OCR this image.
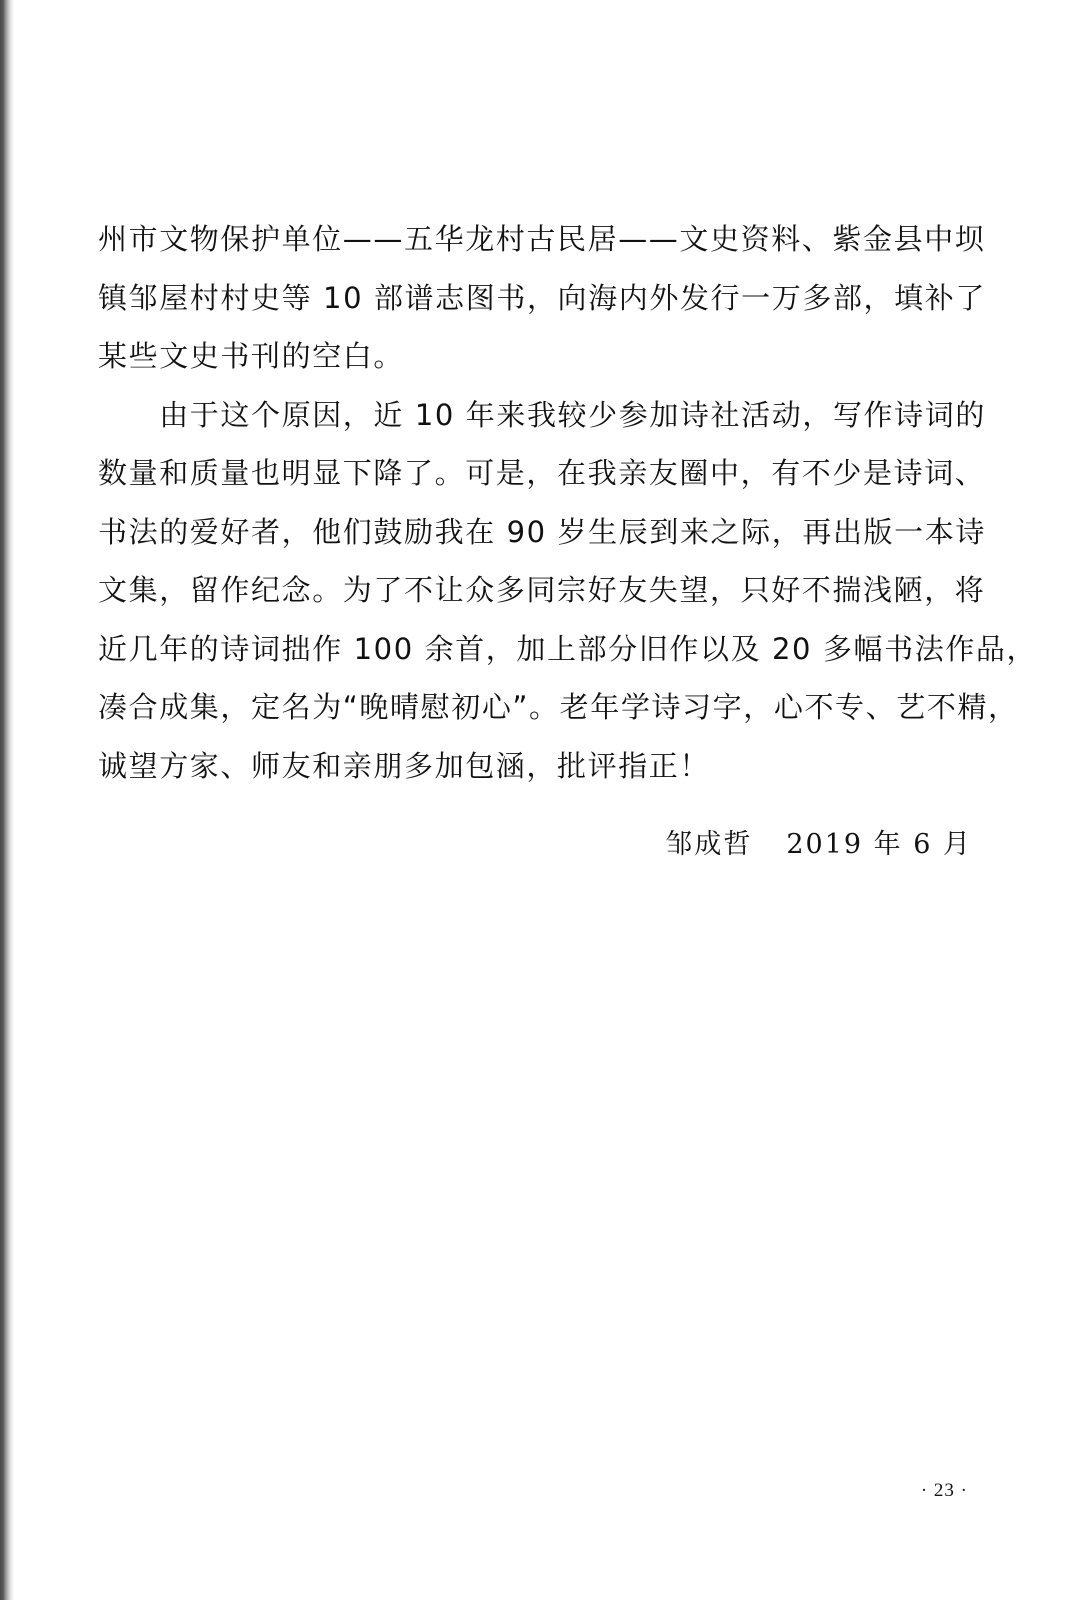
州市文物保护单位——五华龙村古民居——文史资料、紫金县中坝
镇邹屋村村史等 10 部谱志图书，向海内外发行一万多部，填补了
某些文史书刊的空白。
　　由于这个原因，近 10 年来我较少参加诗社活动，写作诗词的
数量和质量也明显下降了。可是，在我亲友圈中，有不少是诗词、
书法的爱好者，他们鼓励我在 90 岁生辰到来之际，再出版一本诗
文集，留作纪念。为了不让众多同宗好友失望，只好不揣浅陋，将
近几年的诗词拙作 100 余首，加上部分旧作以及 20 多幅书法作品，
凑合成集，定名为“晚晴慰初心”。老年学诗习字，心不专、艺不精，
诚望方家、师友和亲朋多加包涵，批评指正！
邹成哲 2019 年 6 月
· 23 ·
